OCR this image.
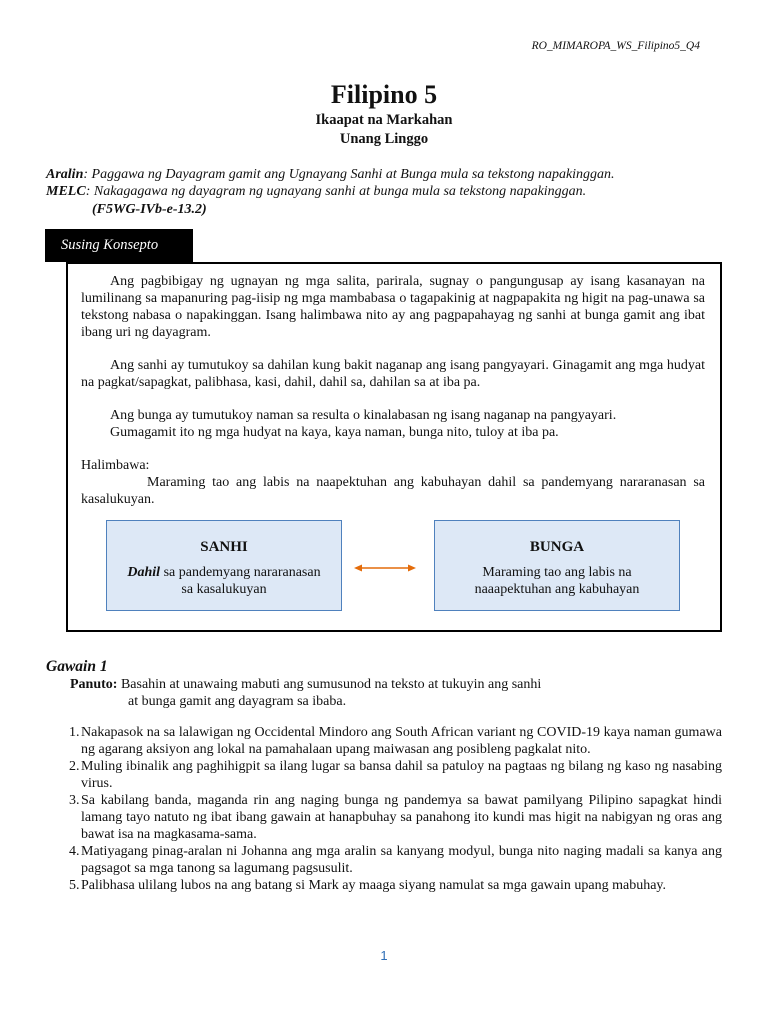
RO_MIMAROPA_WS_Filipino5_Q4
Filipino 5
Ikaapat na Markahan
Unang Linggo
Aralin: Paggawa ng Dayagram gamit ang Ugnayang Sanhi at Bunga mula sa tekstong napakinggan.
MELC: Nakagagawa ng dayagram ng ugnayang sanhi at bunga mula sa tekstong napakinggan.
(F5WG-IVb-e-13.2)
Susing Konsepto

Ang pagbibigay ng ugnayan ng mga salita, parirala, sugnay o pangungusap ay isang kasanayan na lumilinang sa mapanuring pag-iisip ng mga mambabasa o tagapakinig at nagpapakita ng higit na pag-unawa sa tekstong nabasa o napakinggan. Isang halimbawa nito ay ang pagpapahayag ng sanhi at bunga gamit ang ibat ibang uri ng dayagram.

Ang sanhi ay tumutukoy sa dahilan kung bakit naganap ang isang pangyayari. Ginagamit ang mga hudyat na pagkat/sapagkat, palibhasa, kasi, dahil, dahil sa, dahilan sa at iba pa.

Ang bunga ay tumutukoy naman sa resulta o kinalabasan ng isang naganap na pangyayari.
Gumagamit ito ng mga hudyat na kaya, kaya naman, bunga nito, tuloy at iba pa.
Halimbawa:

Maraming tao ang labis na naapektuhan ang kabuhayan dahil sa pandemyang nararanasan sa kasalukuyan.

SANHI
Dahil sa pandemyang nararanasan
sa kasalukuyan
BUNGA
Maraming tao ang labis na
naaapektuhan ang kabuhayan
Gawain 1
Panuto: Basahin at unawaing mabuti ang sumusunod na teksto at tukuyin ang sanhi
at bunga gamit ang dayagram sa ibaba.
1. Nakapasok na sa lalawigan ng Occidental Mindoro ang South African variant ng COVID-19 kaya naman gumawa ng agarang aksiyon ang lokal na pamahalaan upang maiwasan ang posibleng pagkalat nito.
2. Muling ibinalik ang paghihigpit sa ilang lugar sa bansa dahil sa patuloy na pagtaas ng bilang ng kaso ng nasabing virus.
3. Sa kabilang banda, maganda rin ang naging bunga ng pandemya sa bawat pamilyang Pilipino sapagkat hindi lamang tayo natuto ng ibat ibang gawain at hanapbuhay sa panahong ito kundi mas higit na nabigyan ng oras ang bawat isa na magkasama-sama.
4. Matiyagang pinag-aralan ni Johanna ang mga aralin sa kanyang modyul, bunga nito naging madali sa kanya ang pagsagot sa mga tanong sa lagumang pagsusulit.
5. Palibhasa ulilang lubos na ang batang si Mark ay maaga siyang namulat sa mga gawain upang mabuhay.
1
